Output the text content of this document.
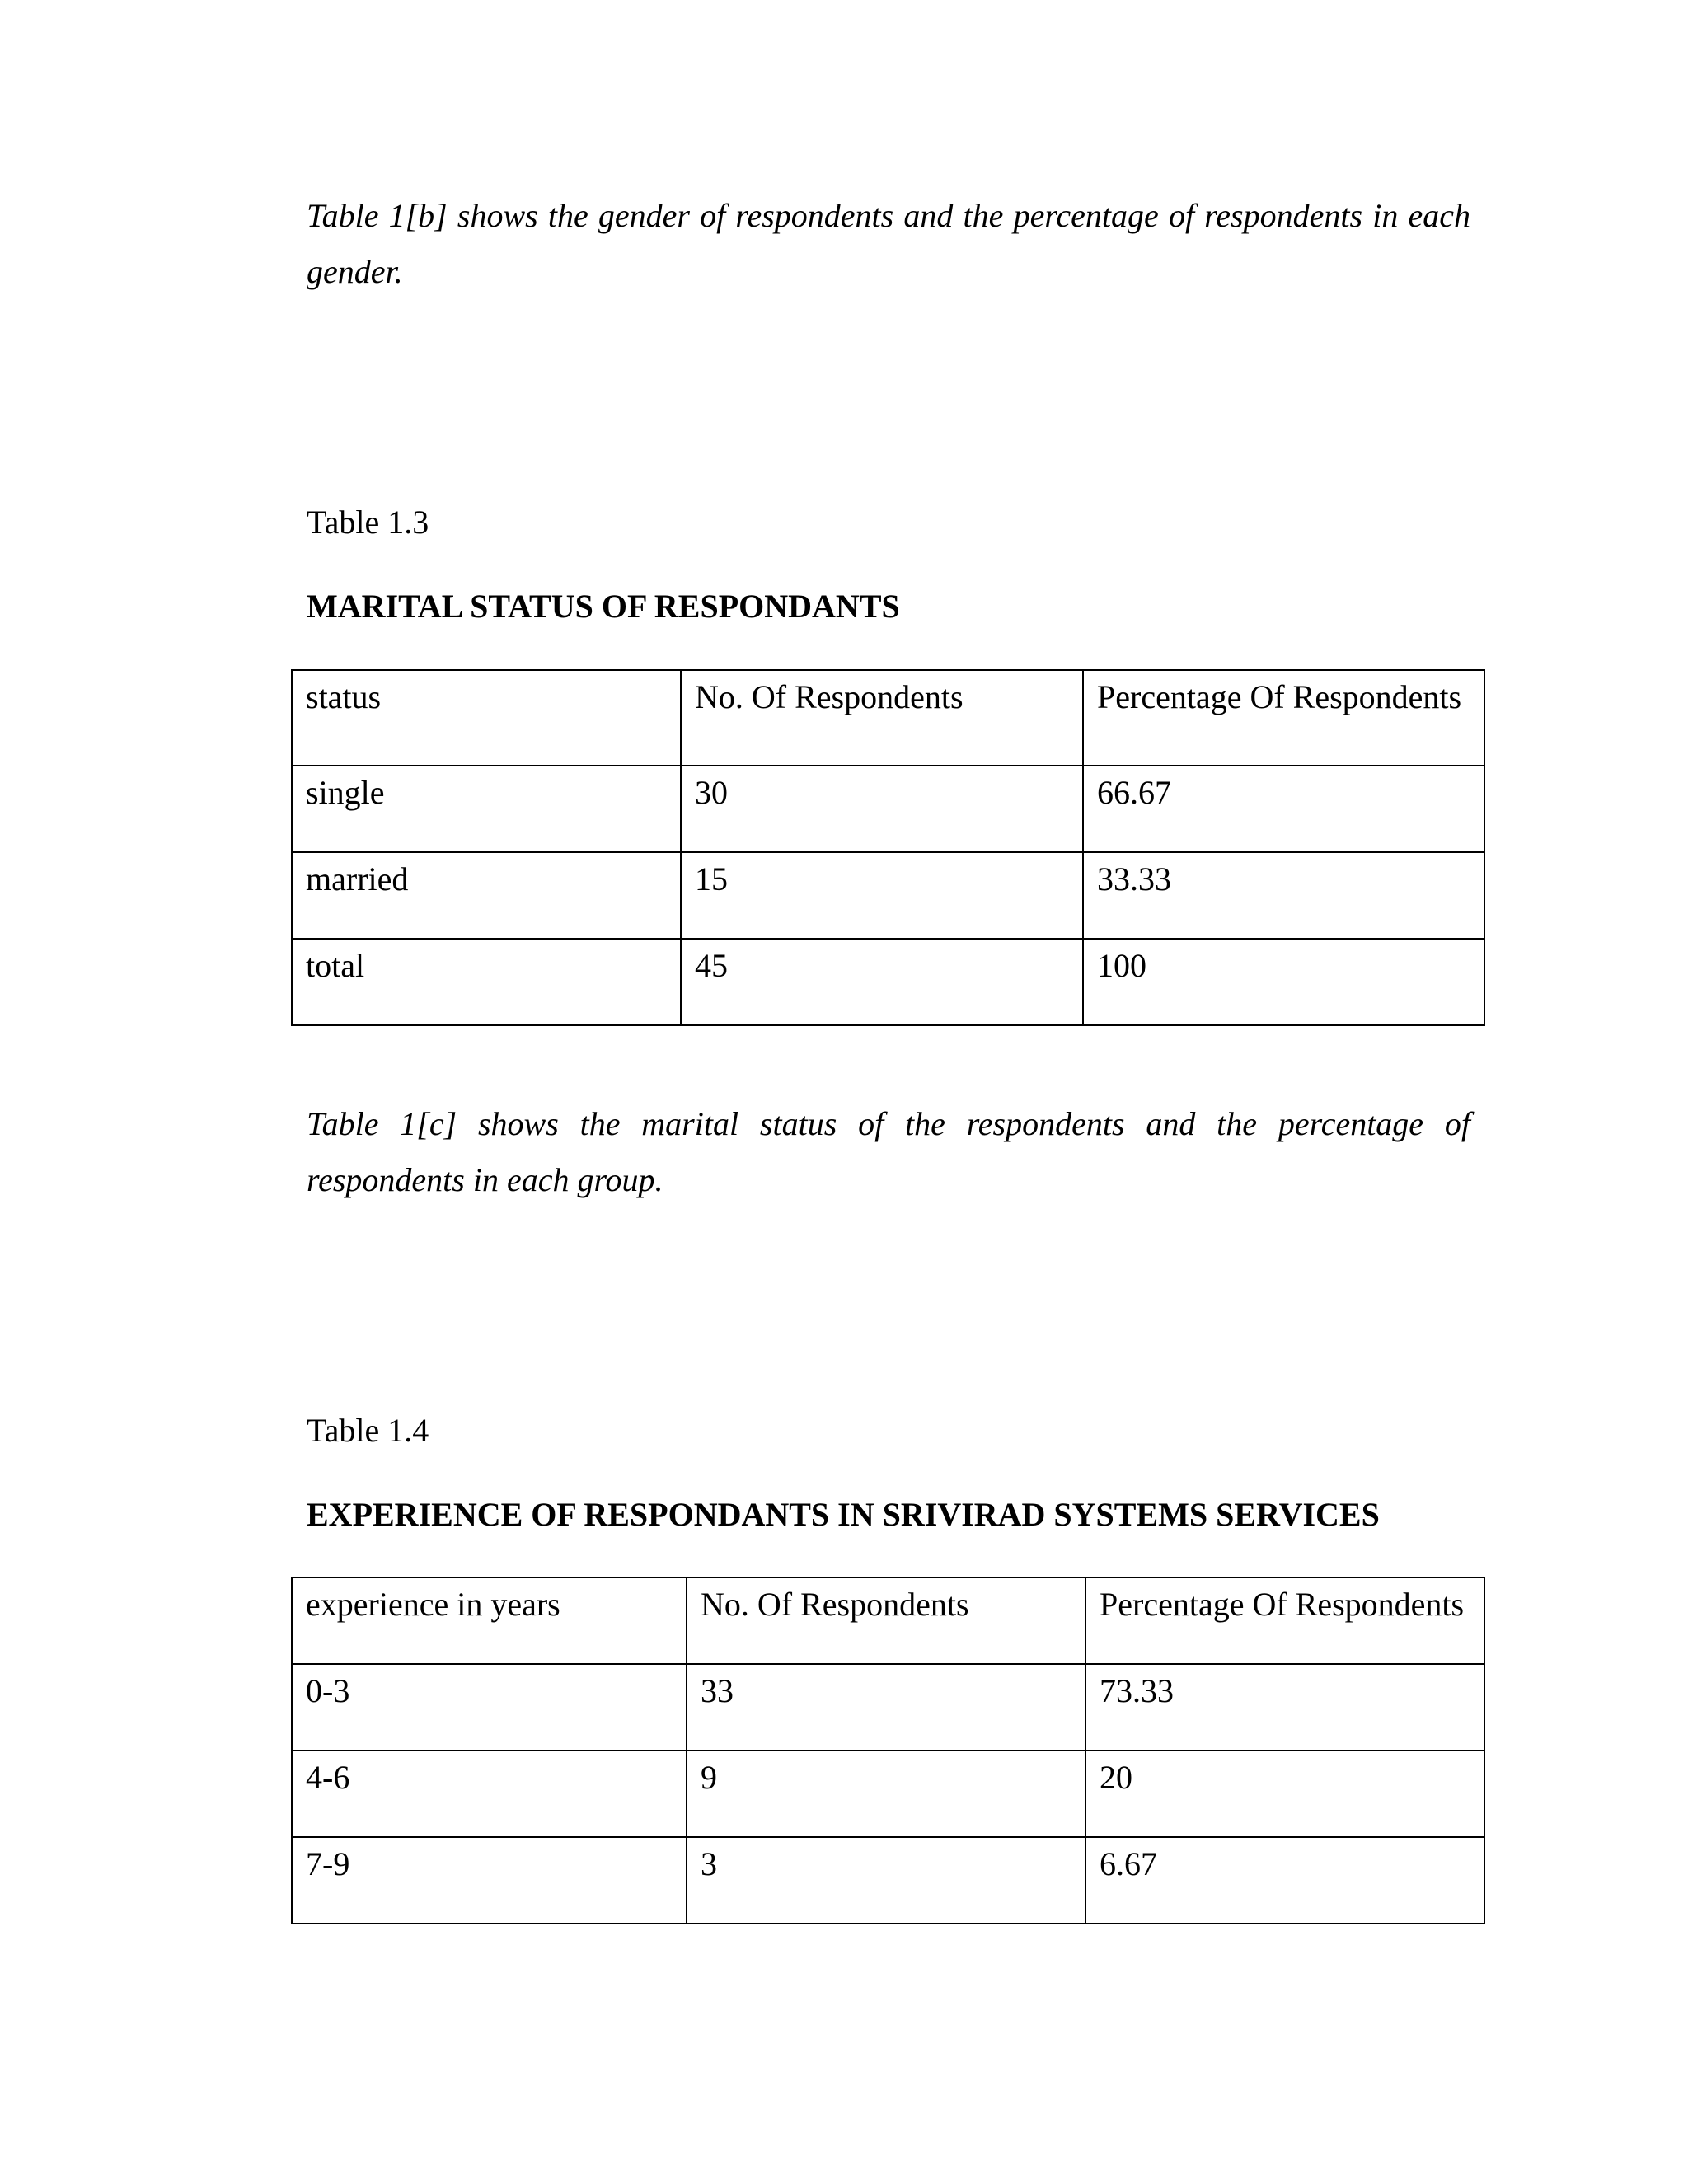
Table 1[b] shows the gender of respondents and the percentage of respondents in each gender.

Table 1.3

MARITAL STATUS OF RESPONDANTS

status	No. Of Respondents	Percentage Of Respondents
single	30	66.67
married	15	33.33
total	45	100

Table 1[c] shows the marital status of the respondents and the percentage of respondents in each group.

Table 1.4

EXPERIENCE OF RESPONDANTS IN SRIVIRAD SYSTEMS SERVICES

experience in years	No. Of Respondents	Percentage Of Respondents
0-3	33	73.33
4-6	9	20
7-9	3	6.67
